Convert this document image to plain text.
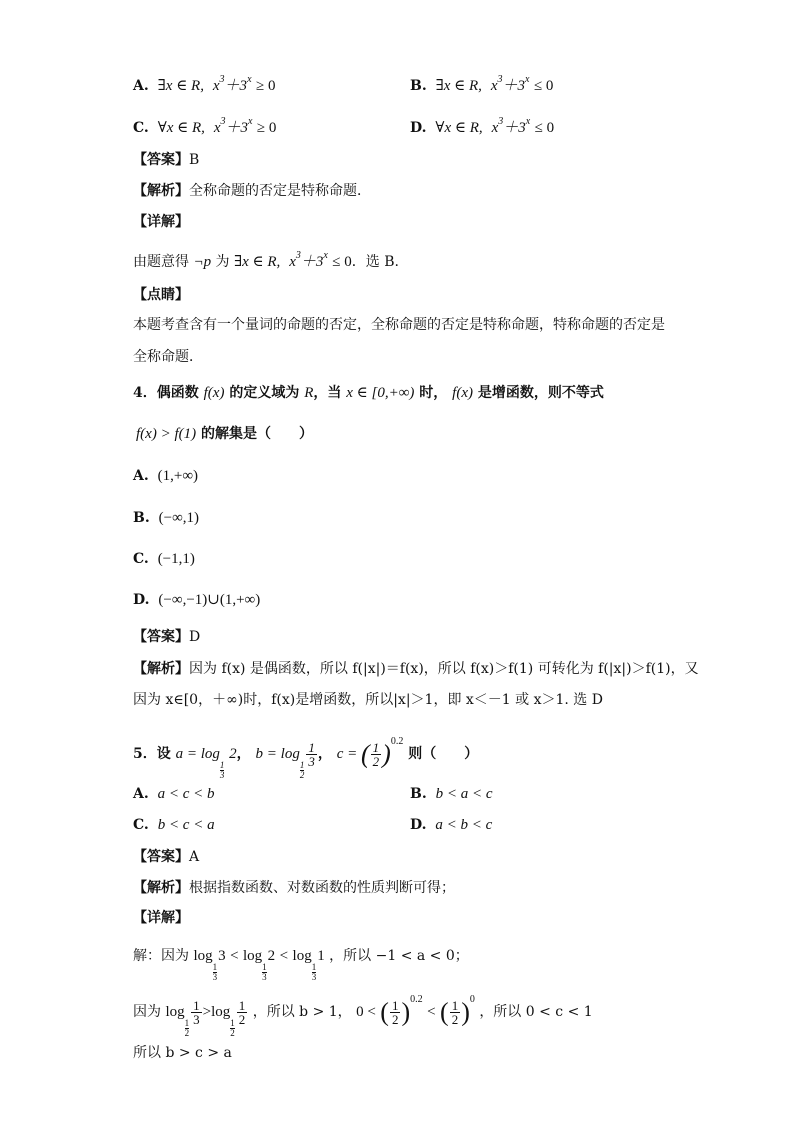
A. ∃x ∈ R, $x^3+3^x \ge 0$	B. ∃x ∈ R, $x^3+3^x \le 0$
C. ∀x ∈ R, $x^3+3^x \ge 0$	D. ∀x ∈ R, $x^3+3^x \le 0$
【答案】B
【解析】全称命题的否定是特称命题．
【详解】
由题意得 ¬p 为 ∃x ∈ R, $x^3+3^x \le 0$．选 B.
【点睛】
本题考查含有一个量词的命题的否定，全称命题的否定是特称命题，特称命题的否定是
全称命题．
4．偶函数 f(x) 的定义域为 R，当 x ∈ [0,+∞) 时， f(x) 是增函数，则不等式
f(x) > f(1) 的解集是（　　）
A. (1,+∞)
B. (−∞,1)
C. (−1,1)
D. (−∞,−1)∪(1,+∞)
【答案】D
【解析】因为 f(x) 是偶函数，所以 f(|x|)＝f(x)，所以 f(x)＞f(1) 可转化为 f(|x|)＞f(1)，又
因为 x∈[0，＋∞)时，f(x)是增函数，所以|x|＞1，即 x＜－1 或 x＞1. 选 D
5．设 a = log
$\frac{1}{3}$
2， b = log
$\frac{1}{2}$
$\frac{1}{3}$ ， c = ( $\frac{1}{2} )^{0.2}$ 则（　　）
A. a < c < b	B. b < a < c
C. b < c < a	D. a < b < c
【答案】A
【解析】根据指数函数、对数函数的性质判断可得；
【详解】
解：因为 log
$\frac{1}{3}$
3 < log
$\frac{1}{3}$
2 < log
$\frac{1}{3}$
1 ，所以 −1 < a < 0；
因为 log
$\frac{1}{2}$
$\frac{1}{3} >\log$
$\frac{1}{2}$
$\frac{1}{2}$ ，所以 b > 1， 0 < ( $\frac{1}{2} )^{0.2}$ < ( $\frac{1}{2} )^0$ ，所以 0 < c < 1
所以 b > c > a
